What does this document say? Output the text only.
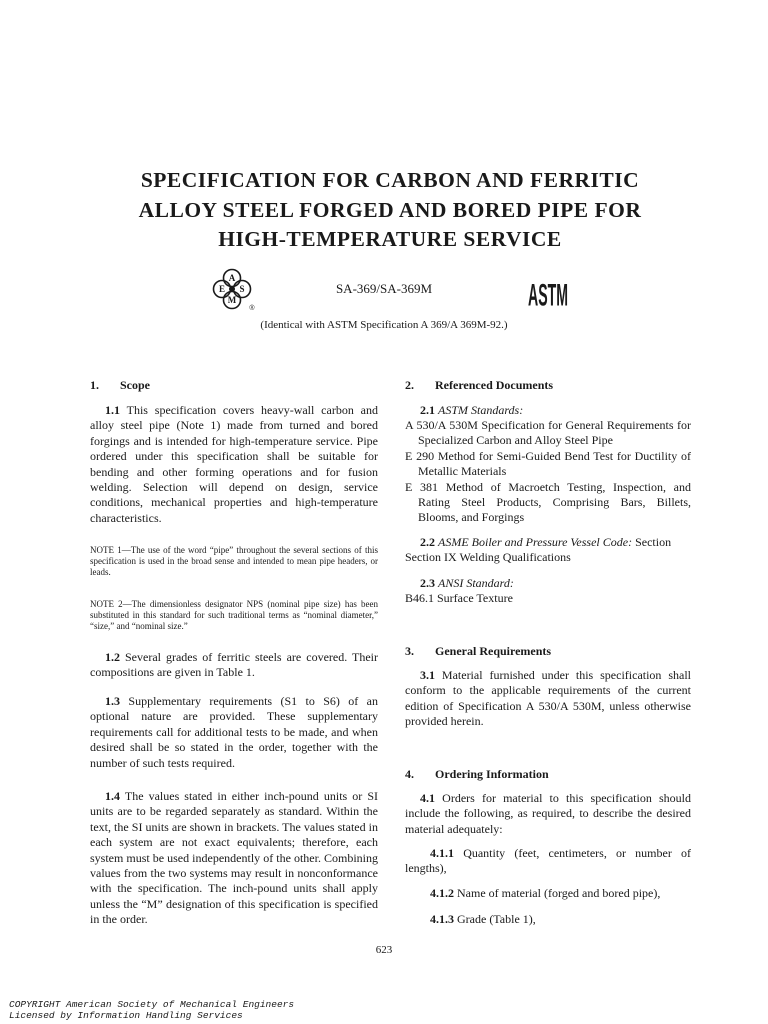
SPECIFICATION FOR CARBON AND FERRITIC
ALLOY STEEL FORGED AND BORED PIPE FOR
HIGH-TEMPERATURE SERVICE
A
E S
M
®
SA-369/SA-369M	ASTM
(Identical with ASTM Specification A 369/A 369M-92.)
1. Scope

1.1 This specification covers heavy-wall carbon and alloy steel pipe (Note 1) made from turned and bored forgings and is intended for high-temperature service. Pipe ordered under this specification shall be suitable for bending and other forming operations and for fusion welding. Selection will depend on design, service conditions, mechanical properties and high-temperature characteristics.

NOTE 1—The use of the word “pipe” throughout the several sections of this specification is used in the broad sense and intended to mean pipe headers, or leads.
NOTE 2—The dimensionless designator NPS (nominal pipe size) has been substituted in this standard for such traditional terms as “nominal diameter,” “size,” and “nominal size.”

1.2 Several grades of ferritic steels are covered. Their compositions are given in Table 1.

1.3 Supplementary requirements (S1 to S6) of an optional nature are provided. These supplementary requirements call for additional tests to be made, and when desired shall be so stated in the order, together with the number of such tests required.

1.4 The values stated in either inch-pound units or SI units are to be regarded separately as standard. Within the text, the SI units are shown in brackets. The values stated in each system are not exact equivalents; therefore, each system must be used independently of the other. Combining values from the two systems may result in nonconformance with the specification. The inch-pound units shall apply unless the “M” designation of this specification is specified in the order.

2. Referenced Documents

2.1 ASTM Standards:

A 530/A 530M Specification for General Requirements for Specialized Carbon and Alloy Steel Pipe

E 290 Method for Semi-Guided Bend Test for Ductility of Metallic Materials

E 381 Method of Macroetch Testing, Inspection, and Rating Steel Products, Comprising Bars, Billets, Blooms, and Forgings

2.2 ASME Boiler and Pressure Vessel Code: Section

Section IX Welding Qualifications

2.3 ANSI Standard:

B46.1 Surface Texture

3. General Requirements

3.1 Material furnished under this specification shall conform to the applicable requirements of the current edition of Specification A 530/A 530M, unless otherwise provided herein.

4. Ordering Information

4.1 Orders for material to this specification should include the following, as required, to describe the desired material adequately:

4.1.1 Quantity (feet, centimeters, or number of lengths),

4.1.2 Name of material (forged and bored pipe),

4.1.3 Grade (Table 1),

623
COPYRIGHT American Society of Mechanical Engineers
Licensed by Information Handling Services
